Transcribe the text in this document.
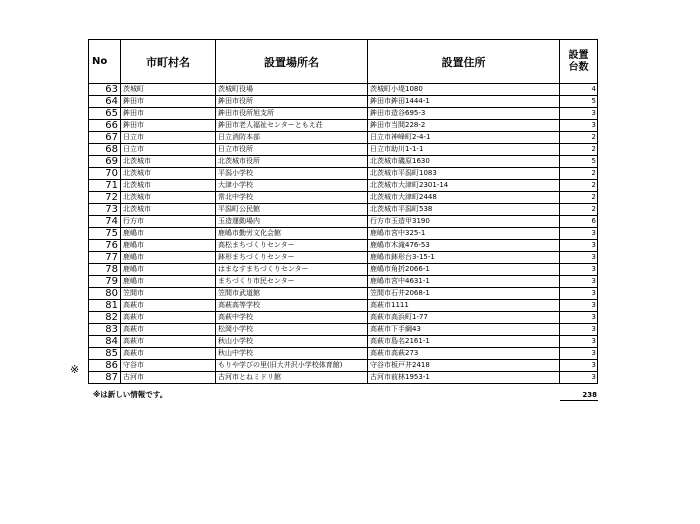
No	市町村名	設置場所名	設置住所	設置
台数

63	茨城町	茨城町役場	茨城町小堤1080	4
64	鉾田市	鉾田市役所	鉾田市鉾田1444-1	5
65	鉾田市	鉾田市役所旭支所	鉾田市造谷695-3	3
66	鉾田市	鉾田市老人福祉センターともえ荘	鉾田市当間228-2	3
67	日立市	日立消防本部	日立市神峰町2-4-1	2
68	日立市	日立市役所	日立市助川1-1-1	2
69	北茨城市	北茨城市役所	北茨城市磯原1630	5
70	北茨城市	平潟小学校	北茨城市平潟町1083	2
71	北茨城市	大津小学校	北茨城市大津町2301-14	2
72	北茨城市	常北中学校	北茨城市大津町2448	2
73	北茨城市	平潟町公民館	北茨城市平潟町538	2
74	行方市	玉造運動場内	行方市玉造甲3190	6
75	鹿嶋市	鹿嶋市勤労文化会館	鹿嶋市宮中325-1	3
76	鹿嶋市	高松まちづくりセンター	鹿嶋市木滝476-53	3
77	鹿嶋市	鉢形まちづくりセンター	鹿嶋市鉢形台3-15-1	3
78	鹿嶋市	はまなすまちづくりセンター	鹿嶋市角折2066-1	3
79	鹿嶋市	まちづくり市民センター	鹿嶋市宮中4631-1	3
80	笠間市	笠間市武道館	笠間市石井2068-1	3
81	高萩市	高萩高等学校	高萩市1111	3
82	高萩市	高萩中学校	高萩市高浜町1-77	3
83	高萩市	松岡小学校	高萩市下手綱43	3
84	高萩市	秋山小学校	高萩市島名2161-1	3
85	高萩市	秋山中学校	高萩市高萩273	3
86	守谷市	もりや学びの里(旧大井沢小学校体育館)	守谷市板戸井2418	3
87	古河市	古河市とねミドリ館	古河市前林1953-1	3
※
※は新しい情報です。	238
